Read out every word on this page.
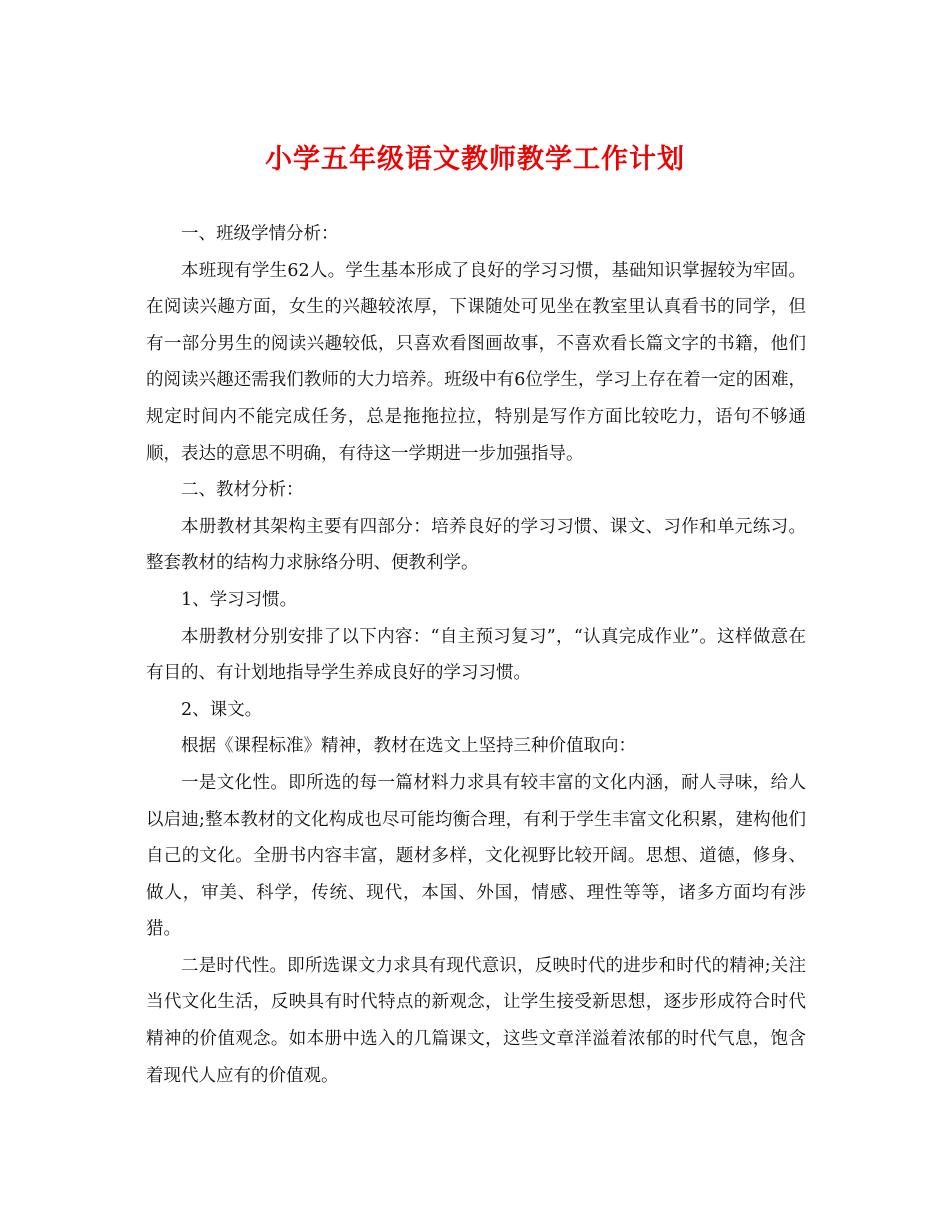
小学五年级语文教师教学工作计划

一、班级学情分析：

本班现有学生62人。学生基本形成了良好的学习习惯，基础知识掌握较为牢固。在阅读兴趣方面，女生的兴趣较浓厚，下课随处可见坐在教室里认真看书的同学，但有一部分男生的阅读兴趣较低，只喜欢看图画故事，不喜欢看长篇文字的书籍，他们的阅读兴趣还需我们教师的大力培养。班级中有6位学生，学习上存在着一定的困难，规定时间内不能完成任务，总是拖拖拉拉，特别是写作方面比较吃力，语句不够通顺，表达的意思不明确，有待这一学期进一步加强指导。

二、教材分析：

本册教材其架构主要有四部分：培养良好的学习习惯、课文、习作和单元练习。整套教材的结构力求脉络分明、便教利学。

1、学习习惯。

本册教材分别安排了以下内容：“自主预习复习”，“认真完成作业”。这样做意在有目的、有计划地指导学生养成良好的学习习惯。

2、课文。

根据《课程标准》精神，教材在选文上坚持三种价值取向：

一是文化性。即所选的每一篇材料力求具有较丰富的文化内涵，耐人寻味，给人以启迪;整本教材的文化构成也尽可能均衡合理，有利于学生丰富文化积累，建构他们自己的文化。全册书内容丰富，题材多样，文化视野比较开阔。思想、道德，修身、做人，审美、科学，传统、现代，本国、外国，情感、理性等等，诸多方面均有涉猎。

二是时代性。即所选课文力求具有现代意识，反映时代的进步和时代的精神;关注当代文化生活，反映具有时代特点的新观念，让学生接受新思想，逐步形成符合时代精神的价值观念。如本册中选入的几篇课文，这些文章洋溢着浓郁的时代气息，饱含着现代人应有的价值观。
